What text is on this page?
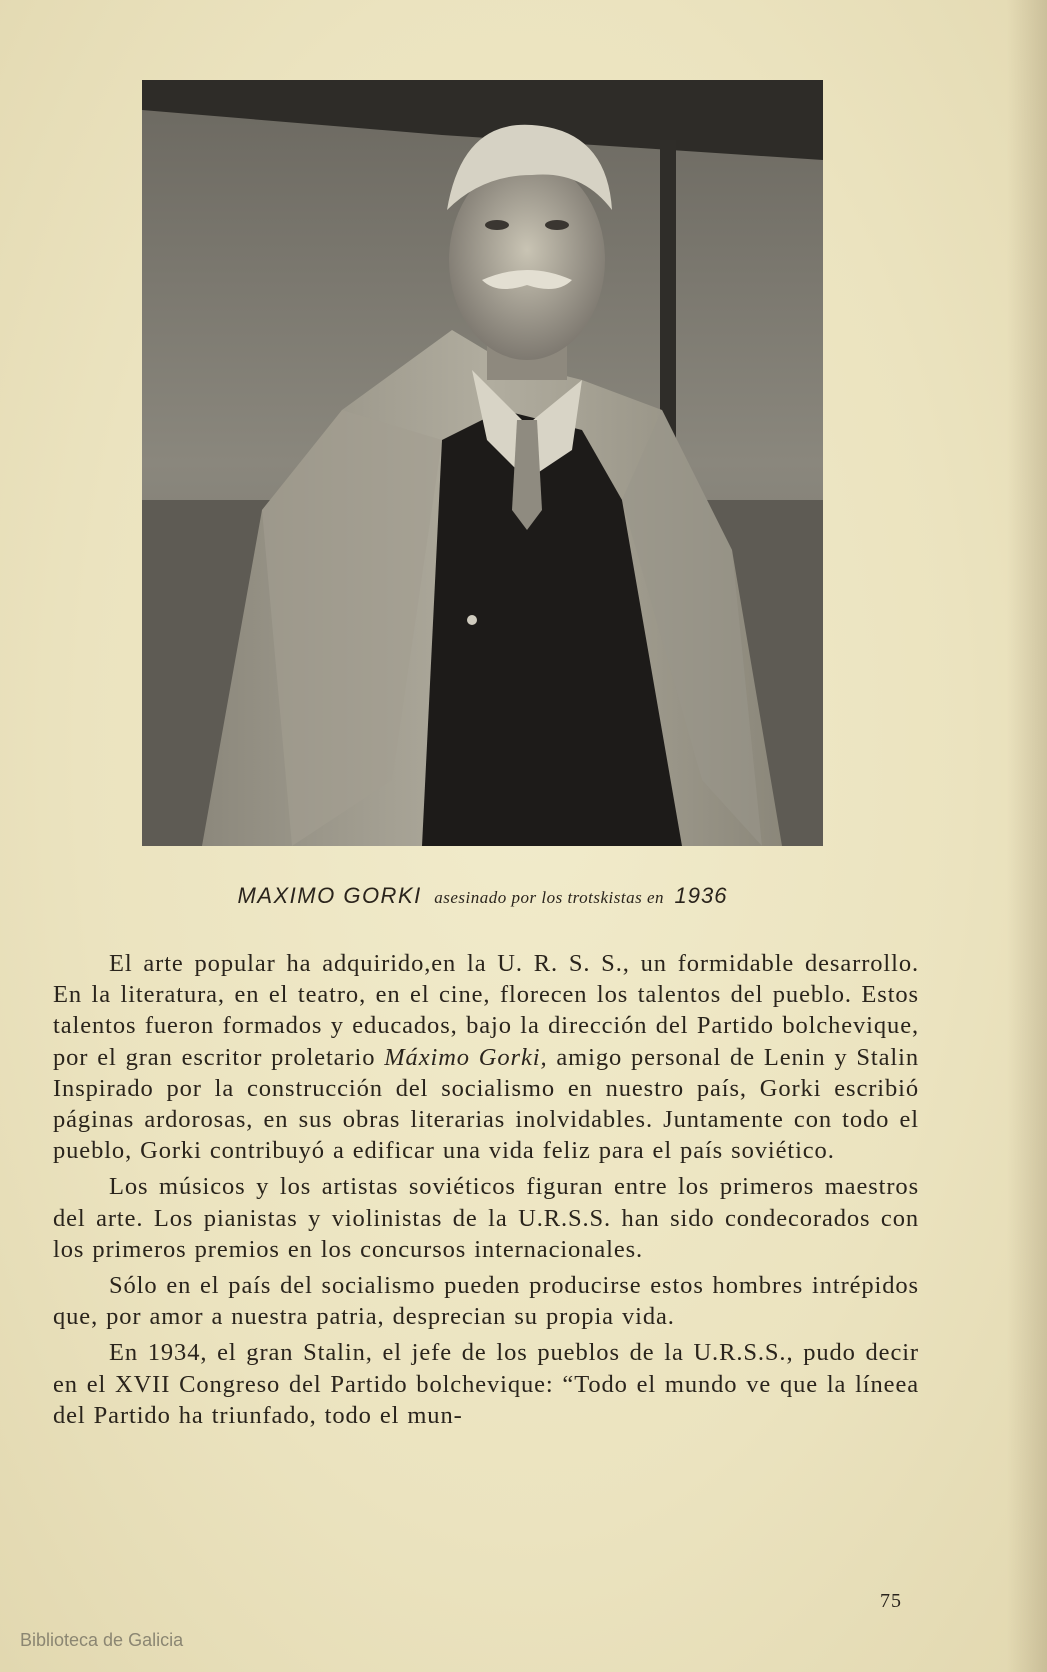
MAXIMO GORKI asesinado por los trotskistas en 1936

El arte popular ha adquirido,en la U. R. S. S., un formidable desarrollo. En la literatura, en el teatro, en el cine, florecen los talentos del pueblo. Estos talentos fueron formados y educados, bajo la dirección del Partido bolchevique, por el gran escritor proletario Máximo Gorki, amigo personal de Lenin y Stalin Inspirado por la construcción del socialismo en nuestro país, Gorki escribió páginas ardorosas, en sus obras literarias inolvidables. Juntamente con todo el pueblo, Gorki contribuyó a edificar una vida feliz para el país soviético.

Los músicos y los artistas soviéticos figuran entre los primeros maestros del arte. Los pianistas y violinistas de la U.R.S.S. han sido condecorados con los primeros premios en los concursos internacionales.

Sólo en el país del socialismo pueden producirse estos hombres intrépidos que, por amor a nuestra patria, desprecian su propia vida.

En 1934, el gran Stalin, el jefe de los pueblos de la U.R.S.S., pudo decir en el XVII Congreso del Partido bolchevique: “Todo el mundo ve que la líneea del Partido ha triunfado, todo el mun-

75
Biblioteca de Galicia
